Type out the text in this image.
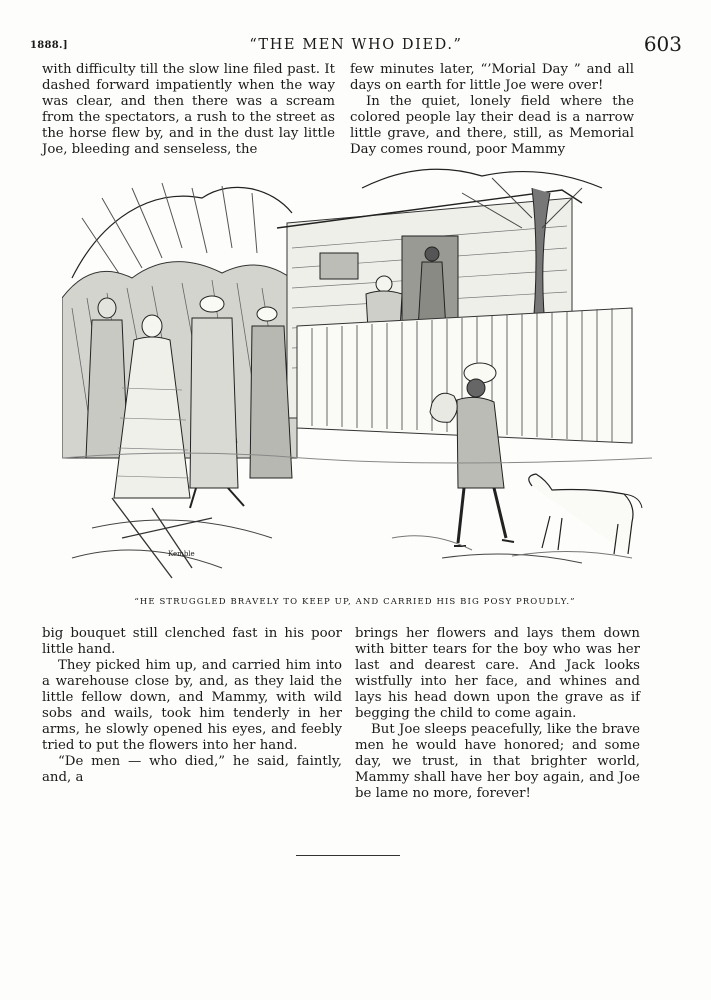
1888.]	“THE MEN WHO DIED.”	603

with difficulty till the slow line filed past. It dashed forward impatiently when the way was clear, and then there was a scream from the spectators, a rush to the street as the horse flew by, and in the dust lay little Joe, bleeding and senseless, the

few minutes later, “’Morial Day ” and all days on earth for little Joe were over!

In the quiet, lonely field where the colored people lay their dead is a narrow little grave, and there, still, as Memorial Day comes round, poor Mammy

Kemble
“HE STRUGGLED BRAVELY TO KEEP UP, AND CARRIED HIS BIG POSY PROUDLY.”

big bouquet still clenched fast in his poor little hand.

They picked him up, and carried him into a warehouse close by, and, as they laid the little fellow down, and Mammy, with wild sobs and wails, took him tenderly in her arms, he slowly opened his eyes, and feebly tried to put the flowers into her hand.

“De men — who died,” he said, faintly, and, a

brings her flowers and lays them down with bitter tears for the boy who was her last and dearest care. And Jack looks wistfully into her face, and whines and lays his head down upon the grave as if begging the child to come again.

But Joe sleeps peacefully, like the brave men he would have honored; and some day, we trust, in that brighter world, Mammy shall have her boy again, and Joe be lame no more, forever!
